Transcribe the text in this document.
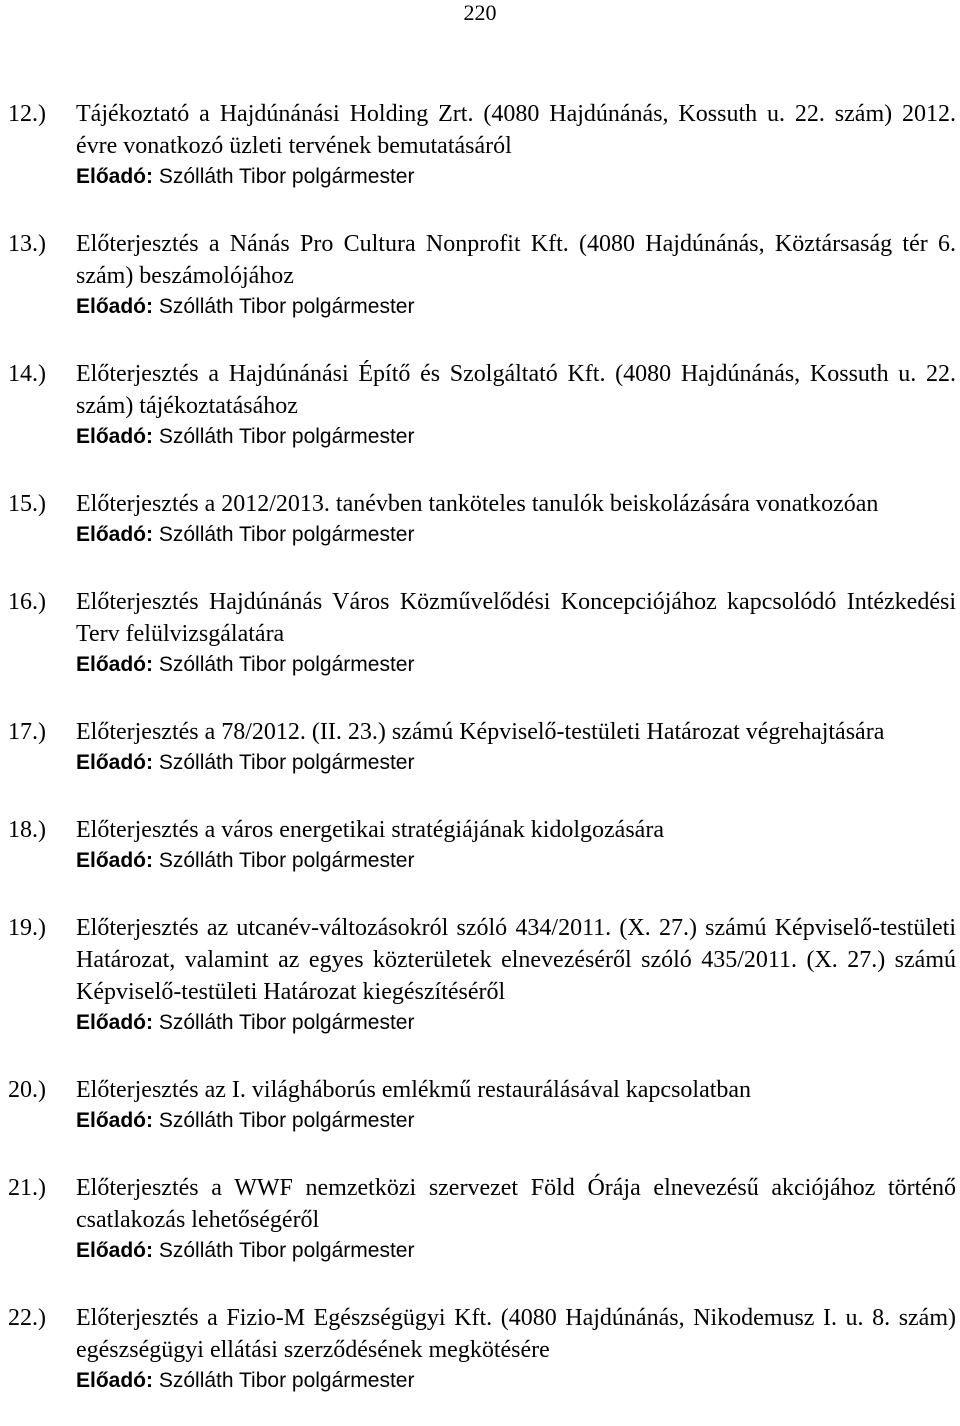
220
12.) Tájékoztató a Hajdúnánási Holding Zrt. (4080 Hajdúnánás, Kossuth u. 22. szám) 2012. évre vonatkozó üzleti tervének bemutatásáról
Előadó: Szólláth Tibor polgármester
13.) Előterjesztés a Nánás Pro Cultura Nonprofit Kft. (4080 Hajdúnánás, Köztársaság tér 6. szám) beszámolójához
Előadó: Szólláth Tibor polgármester
14.) Előterjesztés a Hajdúnánási Építő és Szolgáltató Kft. (4080 Hajdúnánás, Kossuth u. 22. szám) tájékoztatásához
Előadó: Szólláth Tibor polgármester
15.) Előterjesztés a 2012/2013. tanévben tanköteles tanulók beiskolázására vonatkozóan
Előadó: Szólláth Tibor polgármester
16.) Előterjesztés Hajdúnánás Város Közművelődési Koncepciójához kapcsolódó Intézkedési Terv felülvizsgálatára
Előadó: Szólláth Tibor polgármester
17.) Előterjesztés a 78/2012. (II. 23.) számú Képviselő-testületi Határozat végrehajtására
Előadó: Szólláth Tibor polgármester
18.) Előterjesztés a város energetikai stratégiájának kidolgozására
Előadó: Szólláth Tibor polgármester
19.) Előterjesztés az utcanév-változásokról szóló 434/2011. (X. 27.) számú Képviselő-testületi Határozat, valamint az egyes közterületek elnevezéséről szóló 435/2011. (X. 27.) számú Képviselő-testületi Határozat kiegészítéséről
Előadó: Szólláth Tibor polgármester
20.) Előterjesztés az I. világháborús emlékmű restaurálásával kapcsolatban
Előadó: Szólláth Tibor polgármester
21.) Előterjesztés a WWF nemzetközi szervezet Föld Órája elnevezésű akciójához történő csatlakozás lehetőségéről
Előadó: Szólláth Tibor polgármester
22.) Előterjesztés a Fizio-M Egészségügyi Kft. (4080 Hajdúnánás, Nikodemusz I. u. 8. szám) egészségügyi ellátási szerződésének megkötésére
Előadó: Szólláth Tibor polgármester
